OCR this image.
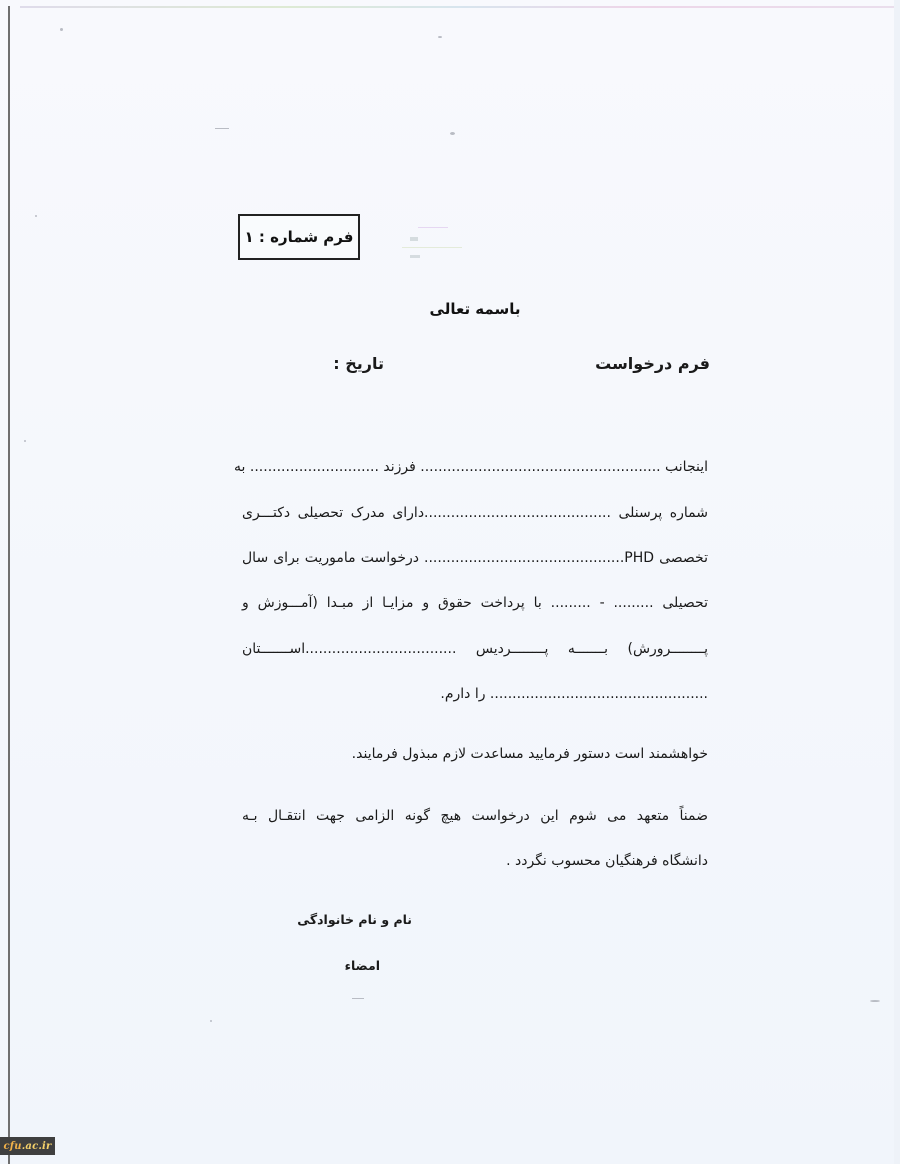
فرم شماره : ۱
باسمه تعالی
فرم درخواست
تاریخ :
اینجانب ...................................................... فرزند ............................. به
شماره پرسنلی ..........................................دارای مدرک تحصیلی دکتـــری
تخصصی PHD............................................. درخواست ماموریت برای سال
تحصیلی ......... - ......... با پرداخت حقوق و مزایـا از مبـدا (آمـــوزش و
پــــــــرورش) بـــــــه پــــــــردیس ..................................اســـــــتان
................................................. را دارم.
خواهشمند است دستور فرمایید مساعدت لازم مبذول فرمایند.
ضمناً متعهد می شوم این درخواست هیچ گونه الزامی جهت انتقـال بـه
دانشگاه فرهنگیان محسوب نگردد .
نام و نام خانوادگی
امضاء
cfu .ac.ir
